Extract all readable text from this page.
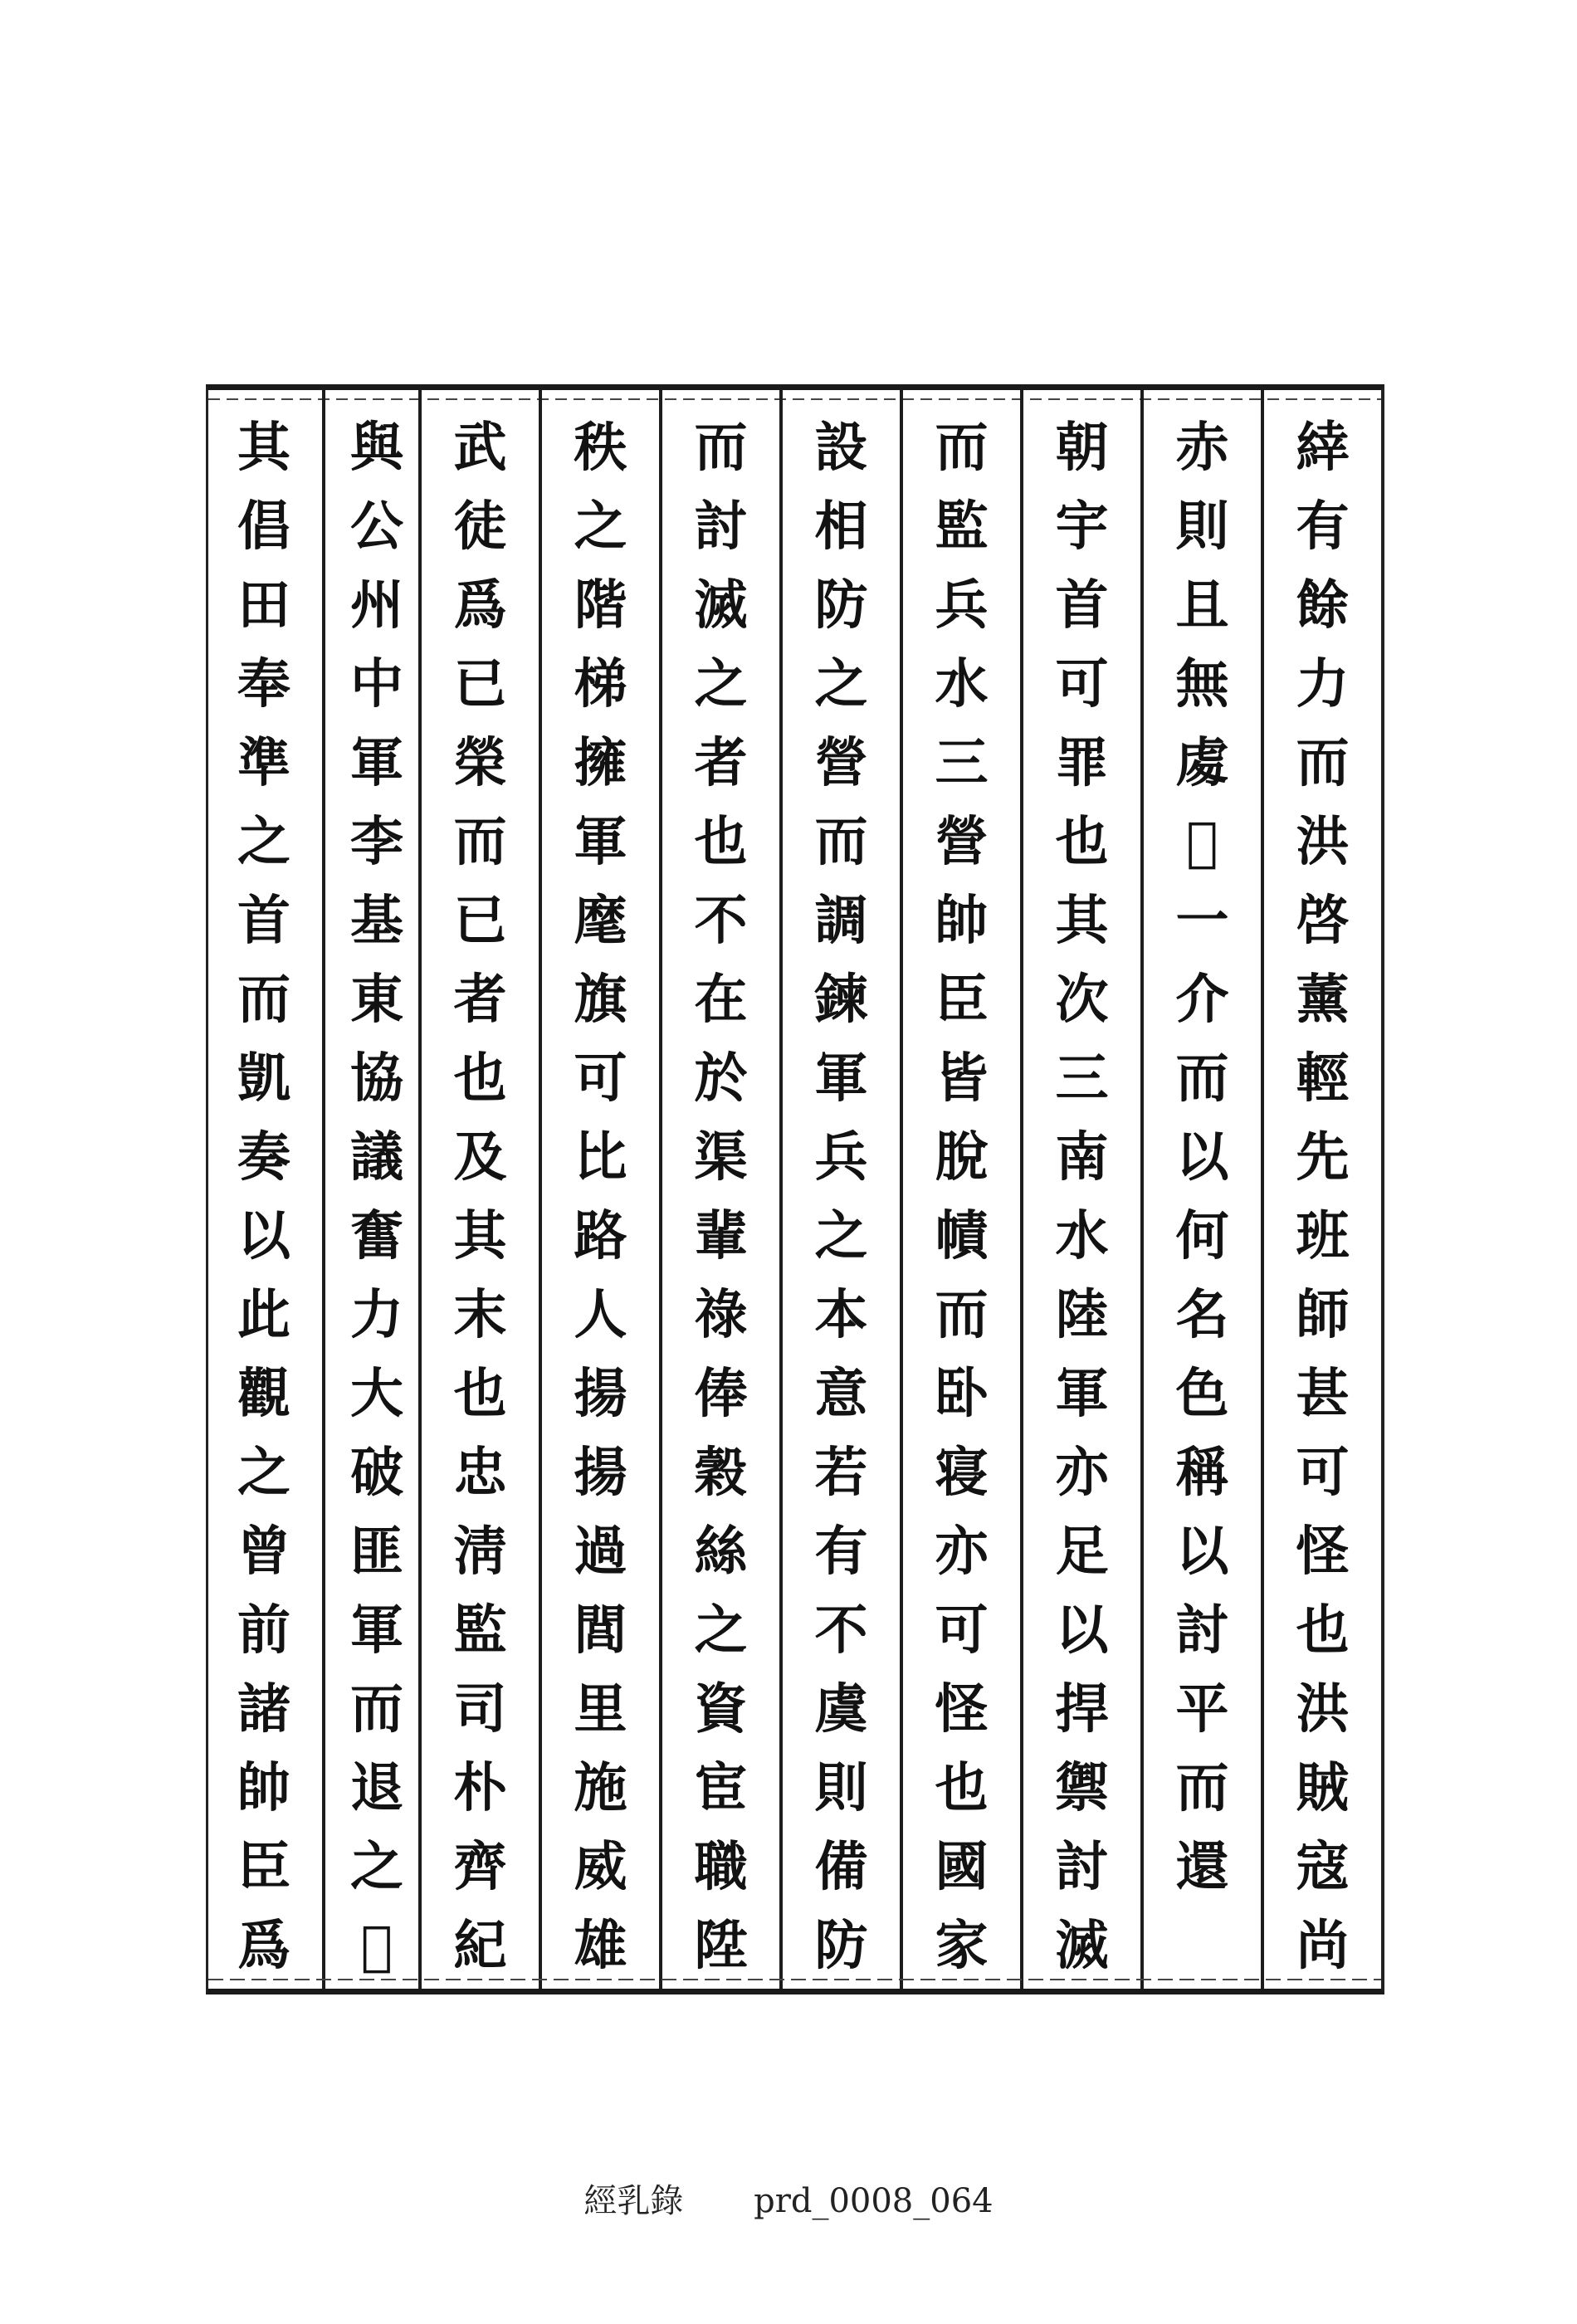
緈
有
餘
力
而
洪
啓
薰
輕
先
班
師
甚
可
怪
也
洪
賊
寇
尚
赤
則
且
無
䖏
𠴦
一
介
而
以
何
名
色
稱
以
討
平
而
還
朝
宇
首
可
罪
也
其
次
三
南
水
陸
軍
亦
足
以
捍
禦
討
滅
而
監
兵
水
三
營
帥
臣
皆
脫
幘
而
卧
寝
亦
可
怪
也
國
家
設
相
防
之
營
而
調
鍊
軍
兵
之
本
意
若
有
不
虞
則
備
防
而
討
滅
之
者
也
不
在
於
渠
輩
祿
俸
穀
絲
之
資
宦
職
陞
秩
之
階
梯
擁
軍
麾
旗
可
比
路
人
揚
揚
過
閭
里
施
威
雄
武
徒
爲
已
榮
而
已
者
也
及
其
末
也
忠
淸
監
司
朴
齊
紀
與
公
州
中
軍
李
基
東
協
議
奮
力
大
破
匪
軍
而
退
之
𠴦
其
倡
田
奉
準
之
首
而
凱
奏
以
此
觀
之
曾
前
諸
帥
臣
爲
經乳錄 prd_0008_064
